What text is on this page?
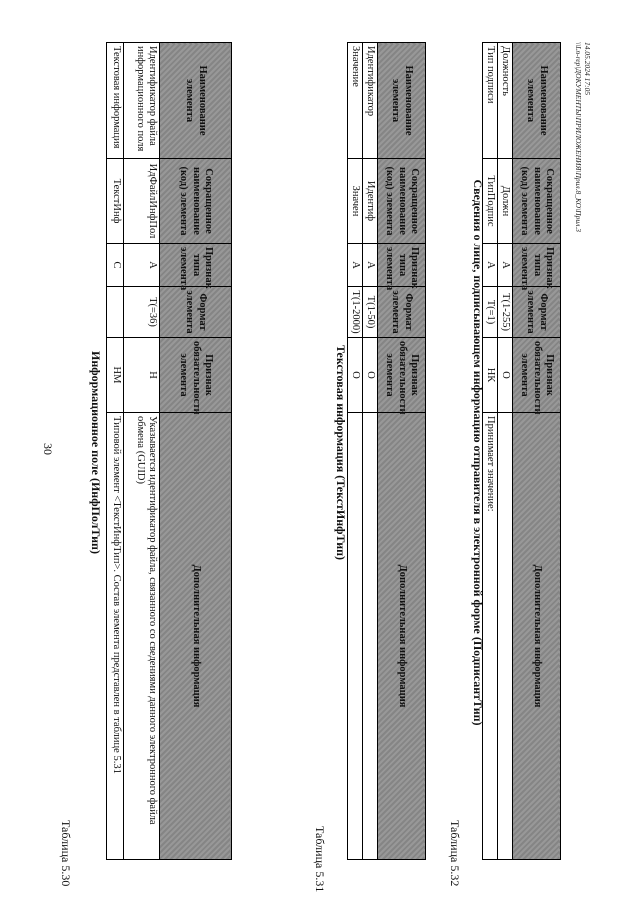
30
Таблица 5.30
Информационное поле (ИнфПолТип)
Наименование элемента	Сокращенное наименование (код) элемента	Признак типа элемента	Формат элемента	Признак обязательности элемента	Дополнительная информация
Идентификатор файла информационного поля	ИдФайлИнфПол	А	T(=36)	Н	Указывается идентификатор файла, связанного со сведениями данного электронного файла обмена (GUID)
Текстовая информация	ТекстИнф	С		НМ	Типовой элемент <ТекстИнфТип>. Состав элемента представлен в таблице 5.31
Таблица 5.31
Текстовая информация (ТекстИнфТип)
Наименование элемента	Сокращенное наименование (код) элемента	Признак типа элемента	Формат элемента	Признак обязательности элемента	Дополнительная информация
Идентификатор	Идентиф	А	T(1-50)	О	
Значение	Значен	А	T(1-2000)	О	
Таблица 5.32
Сведения о лице, подписывающем информацию отправителя в электронной форме (ПодписантТип)
Наименование элемента	Сокращенное наименование (код) элемента	Признак типа элемента	Формат элемента	Признак обязательности элемента	Дополнительная информация
Должность	Должн	А	T(1-255)	О	
Тип подписи	ТипПодпис	А	T(=1)	НК	Принимает значение:
14.05.2024 17:05
\\Ln-rep\ДОКУМЕНТЫ\ПРИЛОЖЕНИЯ\Прил.8_КО\Прил.3
